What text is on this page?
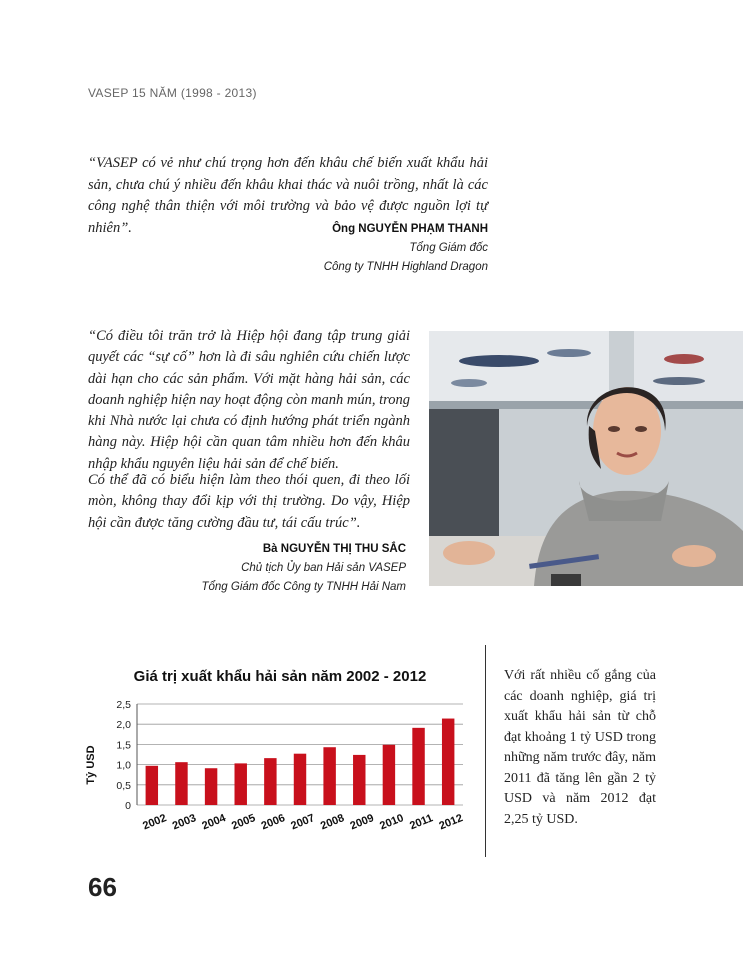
VASEP 15 NĂM (1998 - 2013)
“VASEP có vẻ như chú trọng hơn đến khâu chế biến xuất khẩu hải sản, chưa chú ý nhiều đến khâu khai thác và nuôi trồng, nhất là các công nghệ thân thiện với môi trường và bảo vệ được nguồn lợi tự nhiên”.	Ông NGUYỄN PHẠM THANH
Tổng Giám đốc
Công ty TNHH Highland Dragon
“Có điều tôi trăn trở là Hiệp hội đang tập trung giải quyết các “sự cố” hơn là đi sâu nghiên cứu chiến lược dài hạn cho các sản phẩm. Với mặt hàng hải sản, các doanh nghiệp hiện nay hoạt động còn manh mún, trong khi Nhà nước lại chưa có định hướng phát triển ngành hàng này. Hiệp hội cần quan tâm nhiều hơn đến khâu nhập khẩu nguyên liệu hải sản để chế biến.
Có thể đã có biểu hiện làm theo thói quen, đi theo lối mòn, không thay đổi kịp với thị trường. Do vậy, Hiệp hội cần được tăng cường đầu tư, tái cấu trúc”.
Bà NGUYỄN THỊ THU SẮC
Chủ tịch Ủy ban Hải sản VASEP
Tổng Giám đốc Công ty TNHH Hải Nam
Giá trị xuất khẩu hải sản năm 2002 - 2012
0
0,5
1,0
1,5
2,0
2,5
2002 2003 2004 2005 2006 2007 2008 2009 2010 2011 2012
Tỷ USD
Với rất nhiều cố gắng của các doanh nghiệp, giá trị xuất khẩu hải sản từ chỗ đạt khoảng 1 tỷ USD trong những năm trước đây, năm 2011 đã tăng lên gần 2 tỷ USD và năm 2012 đạt 2,25 tỷ USD.
66
